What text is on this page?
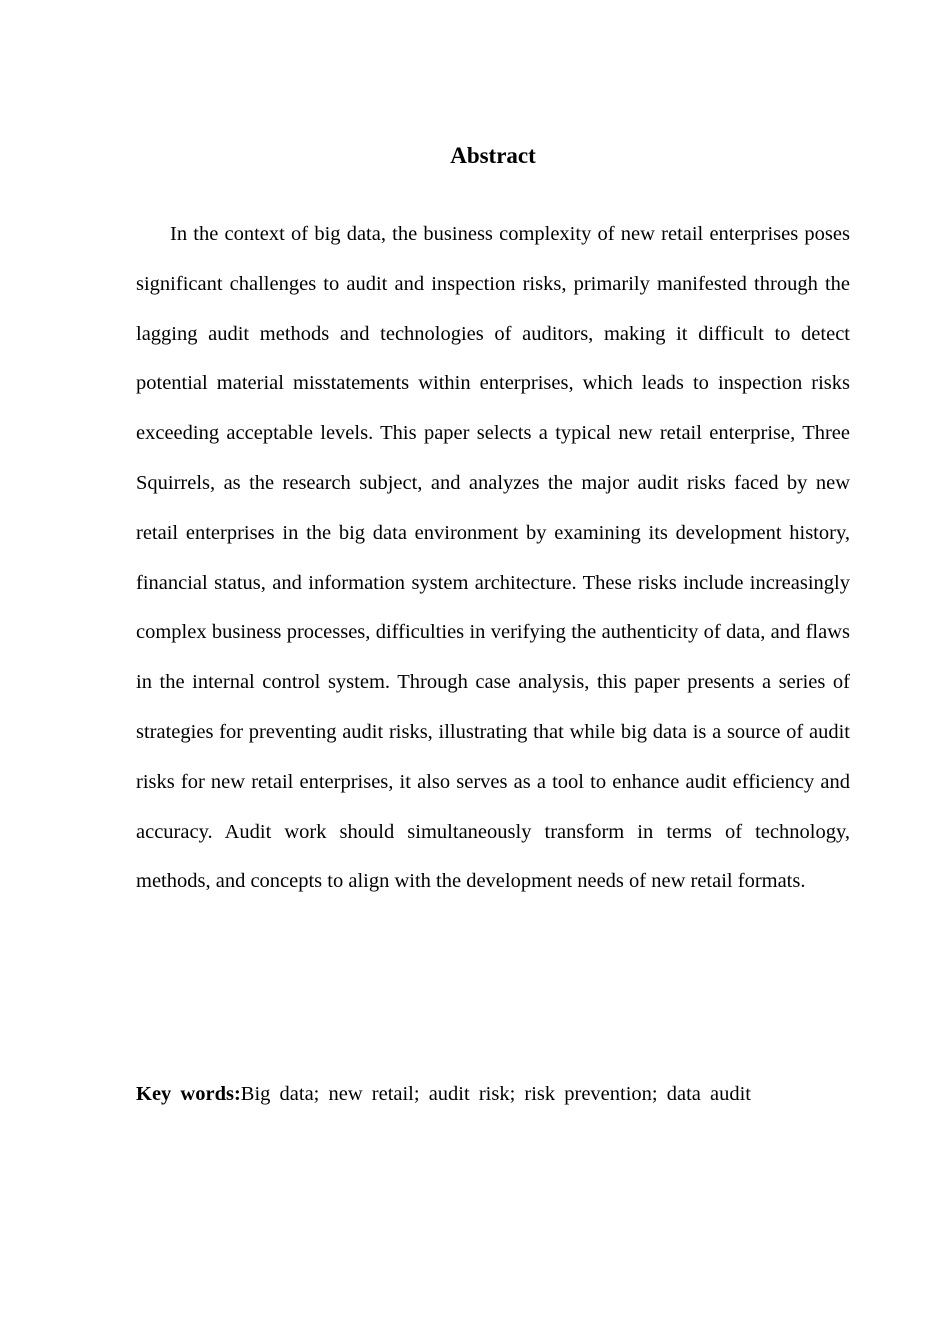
Abstract

In the context of big data, the business complexity of new retail enterprises poses significant challenges to audit and inspection risks, primarily manifested through the lagging audit methods and technologies of auditors, making it difficult to detect potential material misstatements within enterprises, which leads to inspection risks exceeding acceptable levels. This paper selects a typical new retail enterprise, Three Squirrels, as the research subject, and analyzes the major audit risks faced by new retail enterprises in the big data environment by examining its development history, financial status, and information system architecture. These risks include increasingly complex business processes, difficulties in verifying the authenticity of data, and flaws in the internal control system. Through case analysis, this paper presents a series of strategies for preventing audit risks, illustrating that while big data is a source of audit risks for new retail enterprises, it also serves as a tool to enhance audit efficiency and accuracy. Audit work should simultaneously transform in terms of technology, methods, and concepts to align with the development needs of new retail formats.

Key words:Big data; new retail; audit risk; risk prevention; data audit
